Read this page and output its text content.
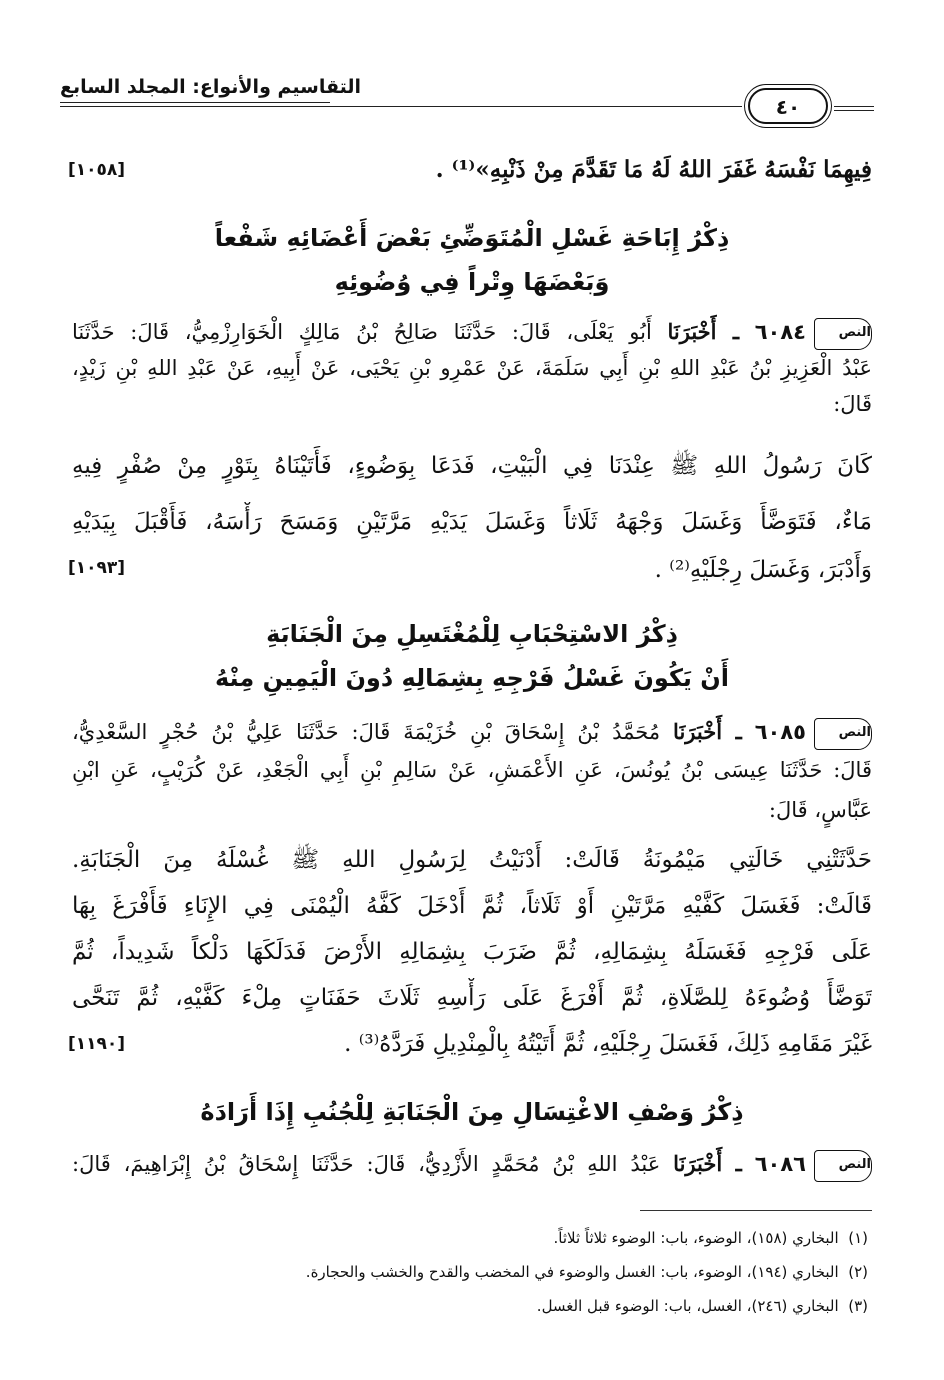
التقاسيم والأنواع: المجلد السابع
٤٠
فِيهِمَا نَفْسَهُ غَفَرَ اللهُ لَهُ مَا تَقَدَّمَ مِنْ ذَنْبِهِ»⁽¹⁾ .
[١٠٥٨]
ذِكْرُ إِبَاحَةِ غَسْلِ الْمُتَوَضِّئِ بَعْضَ أَعْضَائِهِ شَفْعاً
وَبَعْضَهَا وِتْراً فِي وُضُوئِهِ
النص٦٠٨٤ ـ أَخْبَرَنَا أَبُو يَعْلَى، قَالَ: حَدَّثَنَا صَالِحُ بْنُ مَالِكٍ الْخَوَارِزْمِيُّ، قَالَ: حَدَّثَنَا
عَبْدُ الْعَزِيزِ بْنُ عَبْدِ اللهِ بْنِ أَبِي سَلَمَةَ، عَنْ عَمْرِو بْنِ يَحْيَى، عَنْ أَبِيهِ، عَنْ عَبْدِ اللهِ بْنِ زَيْدٍ،
قَالَ:
كَانَ رَسُولُ اللهِ ﷺ عِنْدَنَا فِي الْبَيْتِ، فَدَعَا بِوَضُوءٍ، فَأَتَيْنَاهُ بِتَوْرٍ مِنْ صُفْرٍ فِيهِ
مَاءٌ، فَتَوَضَّأَ وَغَسَلَ وَجْهَهُ ثَلَاثاً وَغَسَلَ يَدَيْهِ مَرَّتَيْنِ وَمَسَحَ رَأْسَهُ، فَأَقْبَلَ بِيَدَيْهِ
وَأَدْبَرَ، وَغَسَلَ رِجْلَيْهِ⁽²⁾ .
[١٠٩٣]
ذِكْرُ الاسْتِحْبَابِ لِلْمُغْتَسِلِ مِنَ الْجَنَابَةِ
أَنْ يَكُونَ غَسْلُ فَرْجِهِ بِشِمَالِهِ دُونَ الْيَمِينِ مِنْهُ
النص٦٠٨٥ ـ أَخْبَرَنَا مُحَمَّدُ بْنُ إِسْحَاقَ بْنِ خُزَيْمَةَ قَالَ: حَدَّثَنَا عَلِيُّ بْنُ حُجْرٍ السَّعْدِيُّ،
قَالَ: حَدَّثَنَا عِيسَى بْنُ يُونُسَ، عَنِ الأَعْمَشِ، عَنْ سَالِمِ بْنِ أَبِي الْجَعْدِ، عَنْ كُرَيْبٍ، عَنِ ابْنِ
عَبَّاسٍ، قَالَ:
حَدَّثَتْنِي خَالَتِي مَيْمُونَةُ قَالَتْ: أَدْنَيْتُ لِرَسُولِ اللهِ ﷺ غُسْلَهُ مِنَ الْجَنَابَةِ.
قَالَتْ: فَغَسَلَ كَفَّيْهِ مَرَّتَيْنِ أَوْ ثَلَاثاً، ثُمَّ أَدْخَلَ كَفَّهُ الْيُمْنَى فِي الإِنَاءِ فَأَفْرَغَ بِهَا
عَلَى فَرْجِهِ فَغَسَلَهُ بِشِمَالِهِ، ثُمَّ ضَرَبَ بِشِمَالِهِ الأَرْضَ فَدَلَكَهَا دَلْكاً شَدِيداً، ثُمَّ
تَوَضَّأَ وُضُوءَهُ لِلصَّلَاةِ، ثُمَّ أَفْرَغَ عَلَى رَأْسِهِ ثَلَاثَ حَفَنَاتٍ مِلْءَ كَفَّيْهِ، ثُمَّ تَنَحَّى
غَيْرَ مَقَامِهِ ذَلِكَ، فَغَسَلَ رِجْلَيْهِ، ثُمَّ أَتَيْتُهُ بِالْمِنْدِيلِ فَرَدَّهُ⁽³⁾ .
[١١٩٠]
ذِكْرُ وَصْفِ الاغْتِسَالِ مِنَ الْجَنَابَةِ لِلْجُنُبِ إِذَا أَرَادَهُ
النص٦٠٨٦ ـ أَخْبَرَنَا عَبْدُ اللهِ بْنُ مُحَمَّدٍ الأَزْدِيُّ، قَالَ: حَدَّثَنَا إِسْحَاقُ بْنُ إِبْرَاهِيمَ، قَالَ:
(١)  البخاري (١٥٨)، الوضوء، باب: الوضوء ثلاثاً ثلاثاً.
(٢)  البخاري (١٩٤)، الوضوء، باب: الغسل والوضوء في المخضب والقدح والخشب والحجارة.
(٣)  البخاري (٢٤٦)، الغسل، باب: الوضوء قبل الغسل.
